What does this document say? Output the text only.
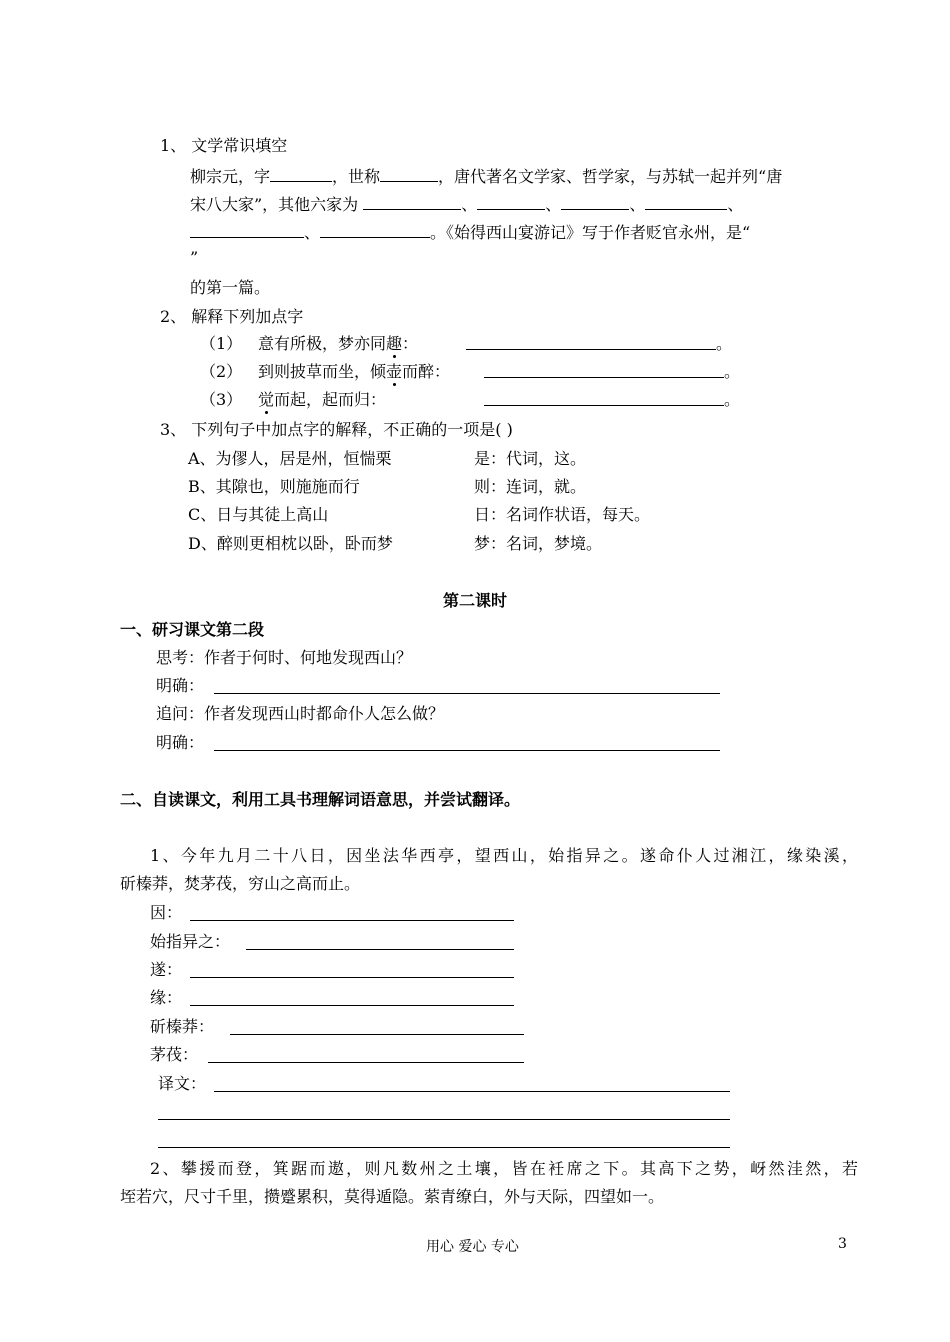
1、 文学常识填空
柳宗元，字	，世称	，唐代著名文学家、哲学家，与苏轼一起并列“唐
宋八大家”，其他六家为	、	、	、	、
、	。《始得西山宴游记》写于作者贬官永州，是“
”
的第一篇。
2、 解释下列加点字
（1） 意有所极，梦亦同趣：	。
（2） 到则披草而坐，倾壶而醉：	。
（3） 觉而起，起而归：	。
3、 下列句子中加点字的解释，不正确的一项是( )
A、为僇人，居是州，恒惴栗	是：代词，这。
B、其隙也，则施施而行	则：连词，就。
C、日与其徒上高山	日：名词作状语，每天。
D、醉则更相枕以卧，卧而梦	梦：名词，梦境。
第二课时
一、研习课文第二段
思考：作者于何时、何地发现西山？
明确：
追问：作者发现西山时都命仆人怎么做？
明确：
二、自读课文，利用工具书理解词语意思，并尝试翻译。
1、今年九月二十八日，因坐法华西亭，望西山，始指异之。遂命仆人过湘江，缘染溪，
斫榛莽，焚茅茷，穷山之高而止。
因：
始指异之：
遂：
缘：
斫榛莽：
茅茷：
译文：
2、攀援而登，箕踞而遨，则凡数州之土壤，皆在衽席之下。其高下之势，岈然洼然，若
垤若穴，尺寸千里，攒蹙累积，莫得遁隐。萦青缭白，外与天际，四望如一。
用心 爱心 专心	3
